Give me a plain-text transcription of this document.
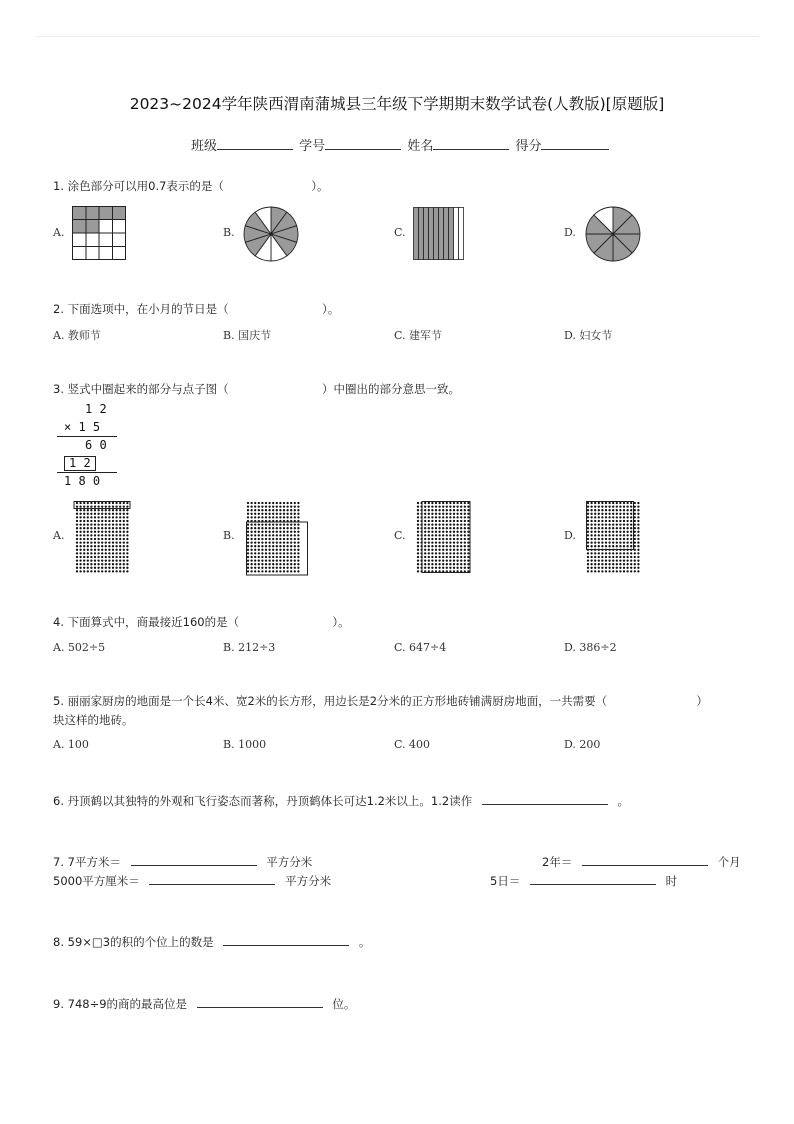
2023~2024学年陕西渭南蒲城县三年级下学期期末数学试卷(人教版)[原题版]
班级	学号	姓名	得分
1. 涂色部分可以用0.7表示的是（	）。
A.	B.	C.	D.
2. 下面选项中，在小月的节日是（	）。
A. 教师节	B. 国庆节	C. 建军节	D. 妇女节
3. 竖式中圈起来的部分与点子图（	）中圈出的部分意思一致。
1 2
× 1 5
6 0
1 2
1 8 0
A.	B.	C.	D.
4. 下面算式中，商最接近160的是（	）。
A. 502÷5	B. 212÷3	C. 647÷4	D. 386÷2
5. 丽丽家厨房的地面是一个长4米、宽2米的长方形，用边长是2分米的正方形地砖铺满厨房地面，一共需要（	）
块这样的地砖。
A. 100	B. 1000	C. 400	D. 200
6. 丹顶鹤以其独特的外观和飞行姿态而著称，丹顶鹤体长可达1.2米以上。1.2读作	。
7. 7平方米＝	平方分米	2年＝	个月
5000平方厘米＝	平方分米	5日＝	时
8. 59×□3的积的个位上的数是	。
9. 748÷9的商的最高位是	位。
